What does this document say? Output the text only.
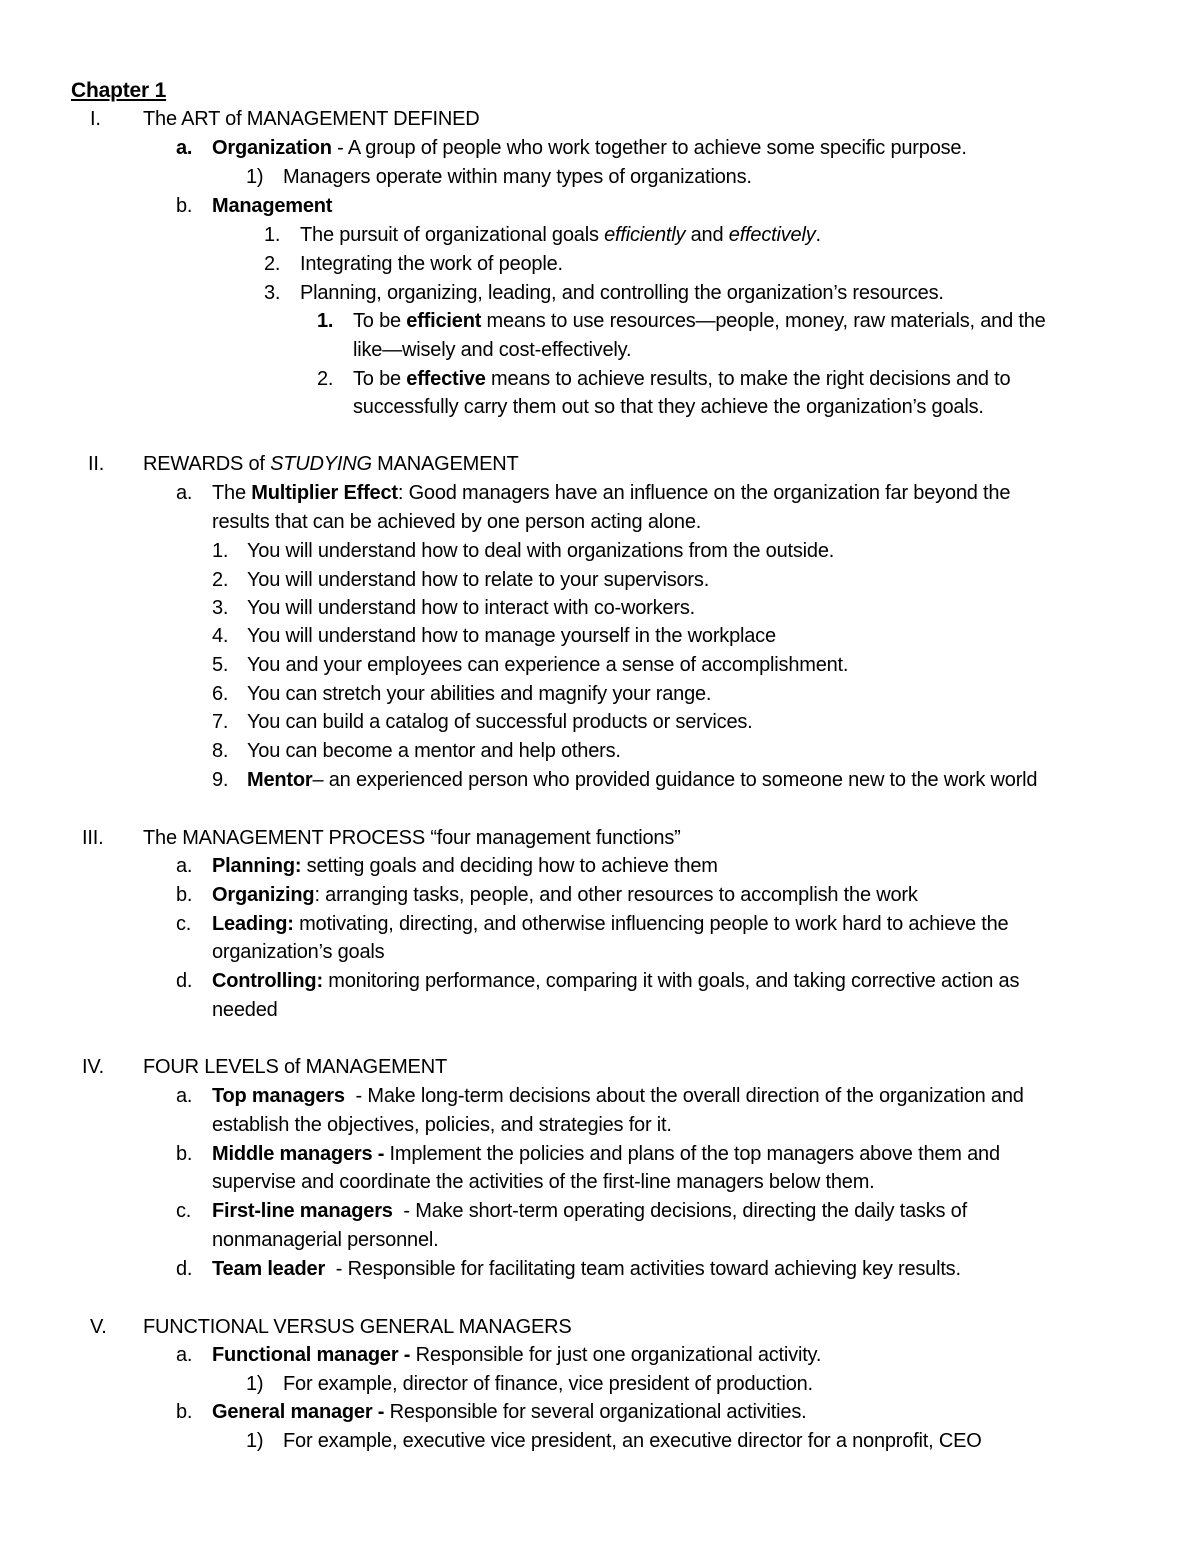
Chapter 1
I. The ART of MANAGEMENT DEFINED
a. Organization - A group of people who work together to achieve some specific purpose.
1) Managers operate within many types of organizations.
b. Management
1. The pursuit of organizational goals efficiently and effectively.
2. Integrating the work of people.
3. Planning, organizing, leading, and controlling the organization’s resources.
1. To be efficient means to use resources—people, money, raw materials, and the
like—wisely and cost-effectively.
2. To be effective means to achieve results, to make the right decisions and to
successfully carry them out so that they achieve the organization’s goals.
II. REWARDS of STUDYING MANAGEMENT
a. The Multiplier Effect: Good managers have an influence on the organization far beyond the
results that can be achieved by one person acting alone.
1. You will understand how to deal with organizations from the outside.
2. You will understand how to relate to your supervisors.
3. You will understand how to interact with co-workers.
4. You will understand how to manage yourself in the workplace
5. You and your employees can experience a sense of accomplishment.
6. You can stretch your abilities and magnify your range.
7. You can build a catalog of successful products or services.
8. You can become a mentor and help others.
9. Mentor– an experienced person who provided guidance to someone new to the work world
III. The MANAGEMENT PROCESS “four management functions”
a. Planning: setting goals and deciding how to achieve them
b. Organizing: arranging tasks, people, and other resources to accomplish the work
c. Leading: motivating, directing, and otherwise influencing people to work hard to achieve the
organization’s goals
d. Controlling: monitoring performance, comparing it with goals, and taking corrective action as
needed
IV. FOUR LEVELS of MANAGEMENT
a. Top managers  - Make long-term decisions about the overall direction of the organization and
establish the objectives, policies, and strategies for it.
b. Middle managers - Implement the policies and plans of the top managers above them and
supervise and coordinate the activities of the first-line managers below them.
c. First-line managers  - Make short-term operating decisions, directing the daily tasks of
nonmanagerial personnel.
d. Team leader  - Responsible for facilitating team activities toward achieving key results.
V. FUNCTIONAL VERSUS GENERAL MANAGERS
a. Functional manager - Responsible for just one organizational activity.
1) For example, director of finance, vice president of production.
b. General manager - Responsible for several organizational activities.
1) For example, executive vice president, an executive director for a nonprofit, CEO
